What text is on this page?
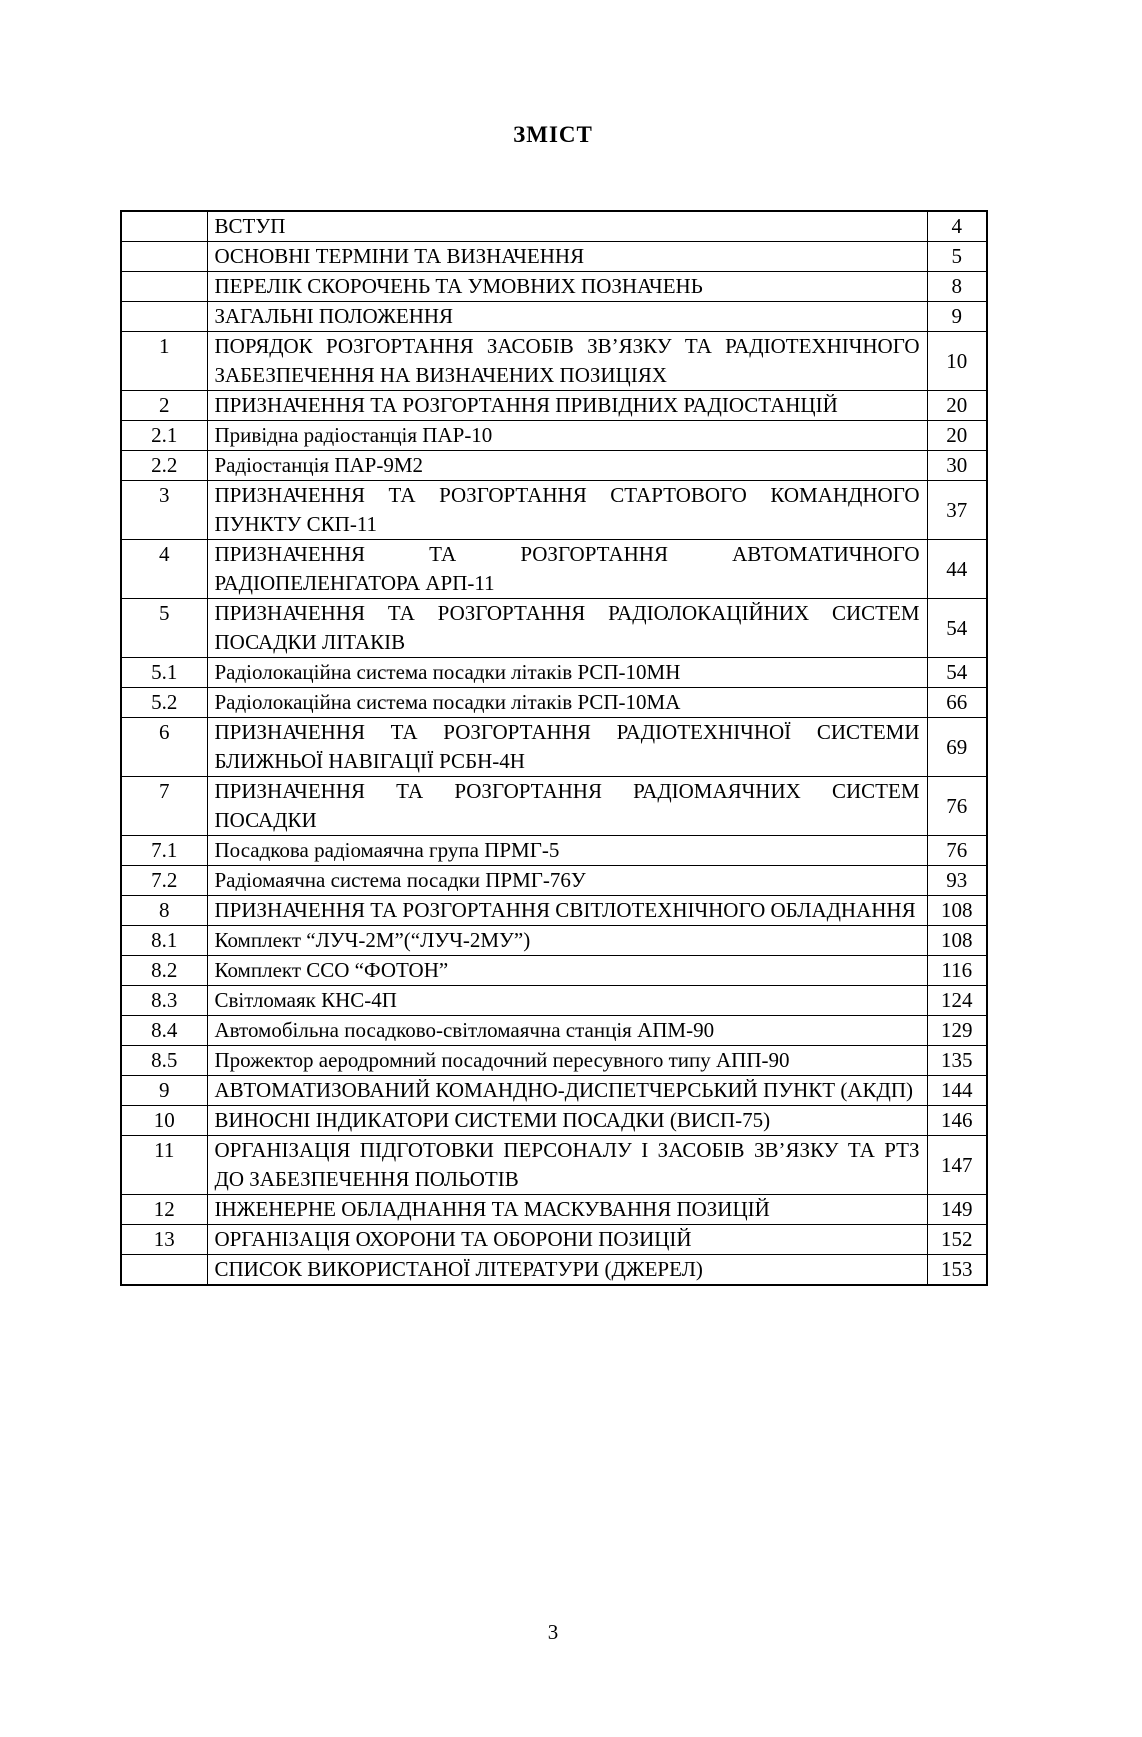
ЗМІСТ
	ВСТУП	4
	ОСНОВНІ ТЕРМІНИ ТА ВИЗНАЧЕННЯ	5
	ПЕРЕЛІК СКОРОЧЕНЬ ТА УМОВНИХ ПОЗНАЧЕНЬ	8
	ЗАГАЛЬНІ ПОЛОЖЕННЯ	9
1	ПОРЯДОК РОЗГОРТАННЯ ЗАСОБІВ ЗВ’ЯЗКУ ТА РАДІОТЕХНІЧНОГО ЗАБЕЗПЕЧЕННЯ НА ВИЗНАЧЕНИХ ПОЗИЦІЯХ	10
2	ПРИЗНАЧЕННЯ ТА РОЗГОРТАННЯ ПРИВІДНИХ РАДІОСТАНЦІЙ	20
2.1	Привідна радіостанція ПАР-10	20
2.2	Радіостанція ПАР-9М2	30
3	ПРИЗНАЧЕННЯ ТА РОЗГОРТАННЯ СТАРТОВОГО КОМАНДНОГО ПУНКТУ СКП-11	37
4	ПРИЗНАЧЕННЯ ТА РОЗГОРТАННЯ АВТОМАТИЧНОГО РАДІОПЕЛЕНГАТОРА АРП-11	44
5	ПРИЗНАЧЕННЯ ТА РОЗГОРТАННЯ РАДІОЛОКАЦІЙНИХ СИСТЕМ ПОСАДКИ ЛІТАКІВ	54
5.1	Радіолокаційна система посадки літаків РСП-10МН	54
5.2	Радіолокаційна система посадки літаків РСП-10МА	66
6	ПРИЗНАЧЕННЯ ТА РОЗГОРТАННЯ РАДІОТЕХНІЧНОЇ СИСТЕМИ БЛИЖНЬОЇ НАВІГАЦІЇ РСБН-4Н	69
7	ПРИЗНАЧЕННЯ ТА РОЗГОРТАННЯ РАДІОМАЯЧНИХ СИСТЕМ ПОСАДКИ	76
7.1	Посадкова радіомаячна група ПРМГ-5	76
7.2	Радіомаячна система посадки ПРМГ-76У	93
8	ПРИЗНАЧЕННЯ ТА РОЗГОРТАННЯ СВІТЛОТЕХНІЧНОГО ОБЛАДНАННЯ	108
8.1	Комплект “ЛУЧ-2М”(“ЛУЧ-2МУ”)	108
8.2	Комплект ССО “ФОТОН”	116
8.3	Світломаяк КНС-4П	124
8.4	Автомобільна посадково-світломаячна станція АПМ-90	129
8.5	Прожектор аеродромний посадочний пересувного типу АПП-90	135
9	АВТОМАТИЗОВАНИЙ КОМАНДНО-ДИСПЕТЧЕРСЬКИЙ ПУНКТ (АКДП)	144
10	ВИНОСНІ ІНДИКАТОРИ СИСТЕМИ ПОСАДКИ (ВИСП-75)	146
11	ОРГАНІЗАЦІЯ ПІДГОТОВКИ ПЕРСОНАЛУ І ЗАСОБІВ ЗВ’ЯЗКУ ТА РТЗ ДО ЗАБЕЗПЕЧЕННЯ ПОЛЬОТІВ	147
12	ІНЖЕНЕРНЕ ОБЛАДНАННЯ ТА МАСКУВАННЯ ПОЗИЦІЙ	149
13	ОРГАНІЗАЦІЯ ОХОРОНИ ТА ОБОРОНИ ПОЗИЦІЙ	152
	СПИСОК ВИКОРИСТАНОЇ ЛІТЕРАТУРИ (ДЖЕРЕЛ)	153
3
